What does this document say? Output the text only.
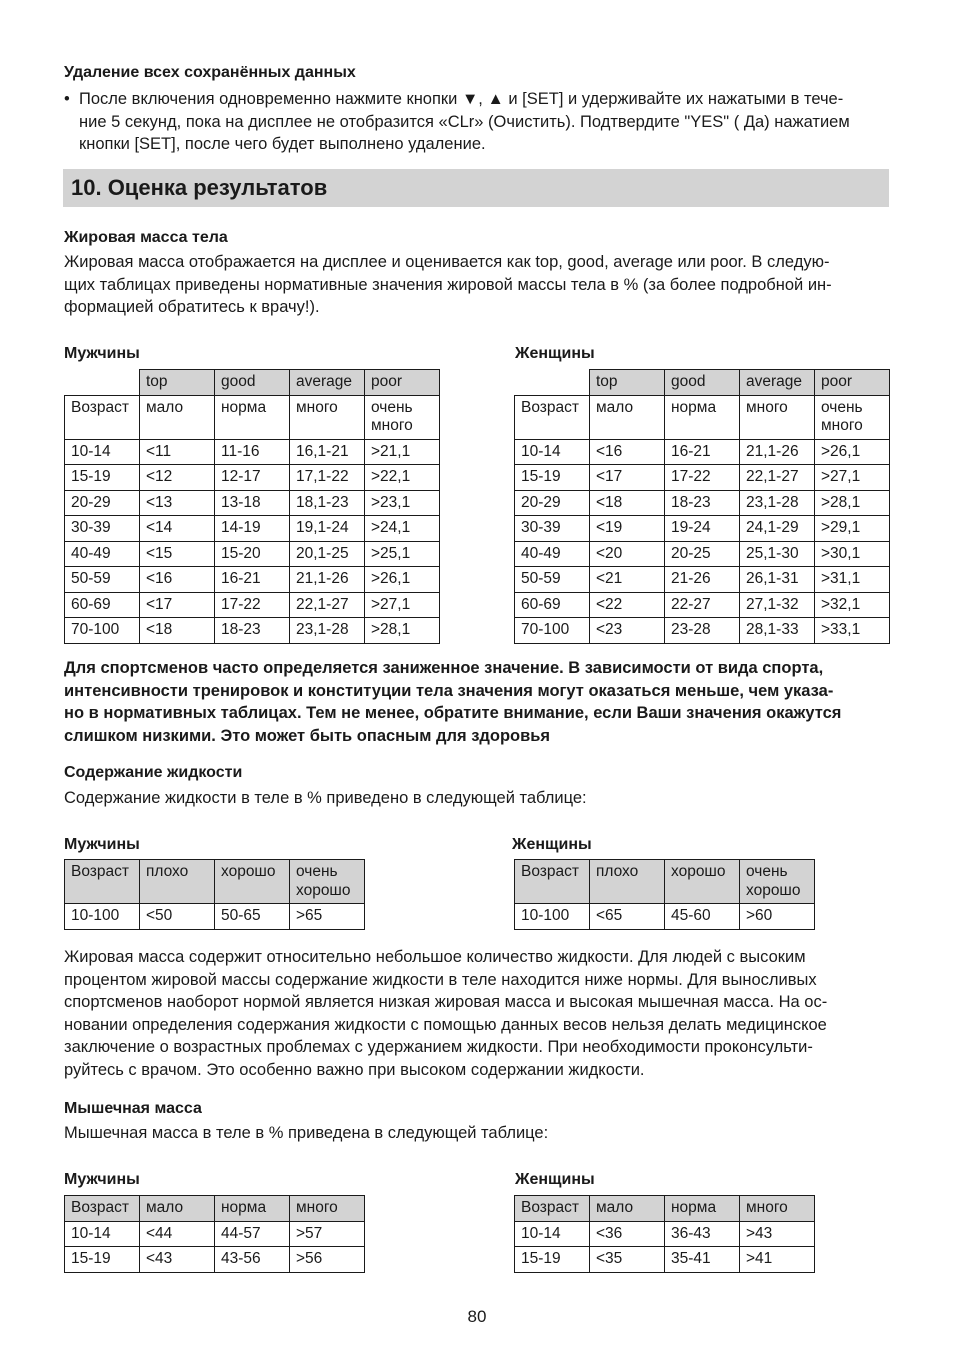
Удаление всех сохранённых данных
• После включения одновременно нажмите кнопки ▼, ▲ и [SET] и удерживайте их нажатыми в тече-
ние 5 секунд, пока на дисплее не отобразится «CLr» (Очистить). Подтвердите "YES" ( Да) нажатием
кнопки [SET], после чего будет выполнено удаление.
10. Оценка результатов
Жировая масса тела
Жировая масса отображается на дисплее и оценивается как top, good, average или poor. В следую-
щих таблицах приведены нормативные значения жировой массы тела в % (за более подробной ин-
формацией обратитесь к врачу!).
Мужчины	Женщины
	top	good	average	poor
Возраст	мало	норма	много	очень много
10-14	<11	11-16	16,1-21	>21,1
15-19	<12	12-17	17,1-22	>22,1
20-29	<13	13-18	18,1-23	>23,1
30-39	<14	14-19	19,1-24	>24,1
40-49	<15	15-20	20,1-25	>25,1
50-59	<16	16-21	21,1-26	>26,1
60-69	<17	17-22	22,1-27	>27,1
70-100	<18	18-23	23,1-28	>28,1
	top	good	average	poor
Возраст	мало	норма	много	очень много
10-14	<16	16-21	21,1-26	>26,1
15-19	<17	17-22	22,1-27	>27,1
20-29	<18	18-23	23,1-28	>28,1
30-39	<19	19-24	24,1-29	>29,1
40-49	<20	20-25	25,1-30	>30,1
50-59	<21	21-26	26,1-31	>31,1
60-69	<22	22-27	27,1-32	>32,1
70-100	<23	23-28	28,1-33	>33,1
Для спортсменов часто определяется заниженное значение. В зависимости от вида спорта,
интенсивности тренировок и конституции тела значения могут оказаться меньше, чем указа-
но в нормативных таблицах. Тем не менее, обратите внимание, если Ваши значения окажутся
слишком низкими. Это может быть опасным для здоровья
Содержание жидкости
Содержание жидкости в теле в % приведено в следующей таблице:
Мужчины	Женщины
Возраст	плохо	хорошо	очень хорошо
10-100	<50	50-65	>65
Возраст	плохо	хорошо	очень хорошо
10-100	<65	45-60	>60
Жировая масса содержит относительно небольшое количество жидкости. Для людей с высоким
процентом жировой массы содержание жидкости в теле находится ниже нормы. Для выносливых
спортсменов наоборот нормой является низкая жировая масса и высокая мышечная масса. На ос-
новании определения содержания жидкости с помощью данных весов нельзя делать медицинское
заключение о возрастных проблемах с удержанием жидкости. При необходимости проконсульти-
руйтесь с врачом. Это особенно важно при высоком содержании жидкости.
Мышечная масса
Мышечная масса в теле в % приведена в следующей таблице:
Мужчины	Женщины
Возраст	мало	норма	много
10-14	<44	44-57	>57
15-19	<43	43-56	>56
Возраст	мало	норма	много
10-14	<36	36-43	>43
15-19	<35	35-41	>41
80
